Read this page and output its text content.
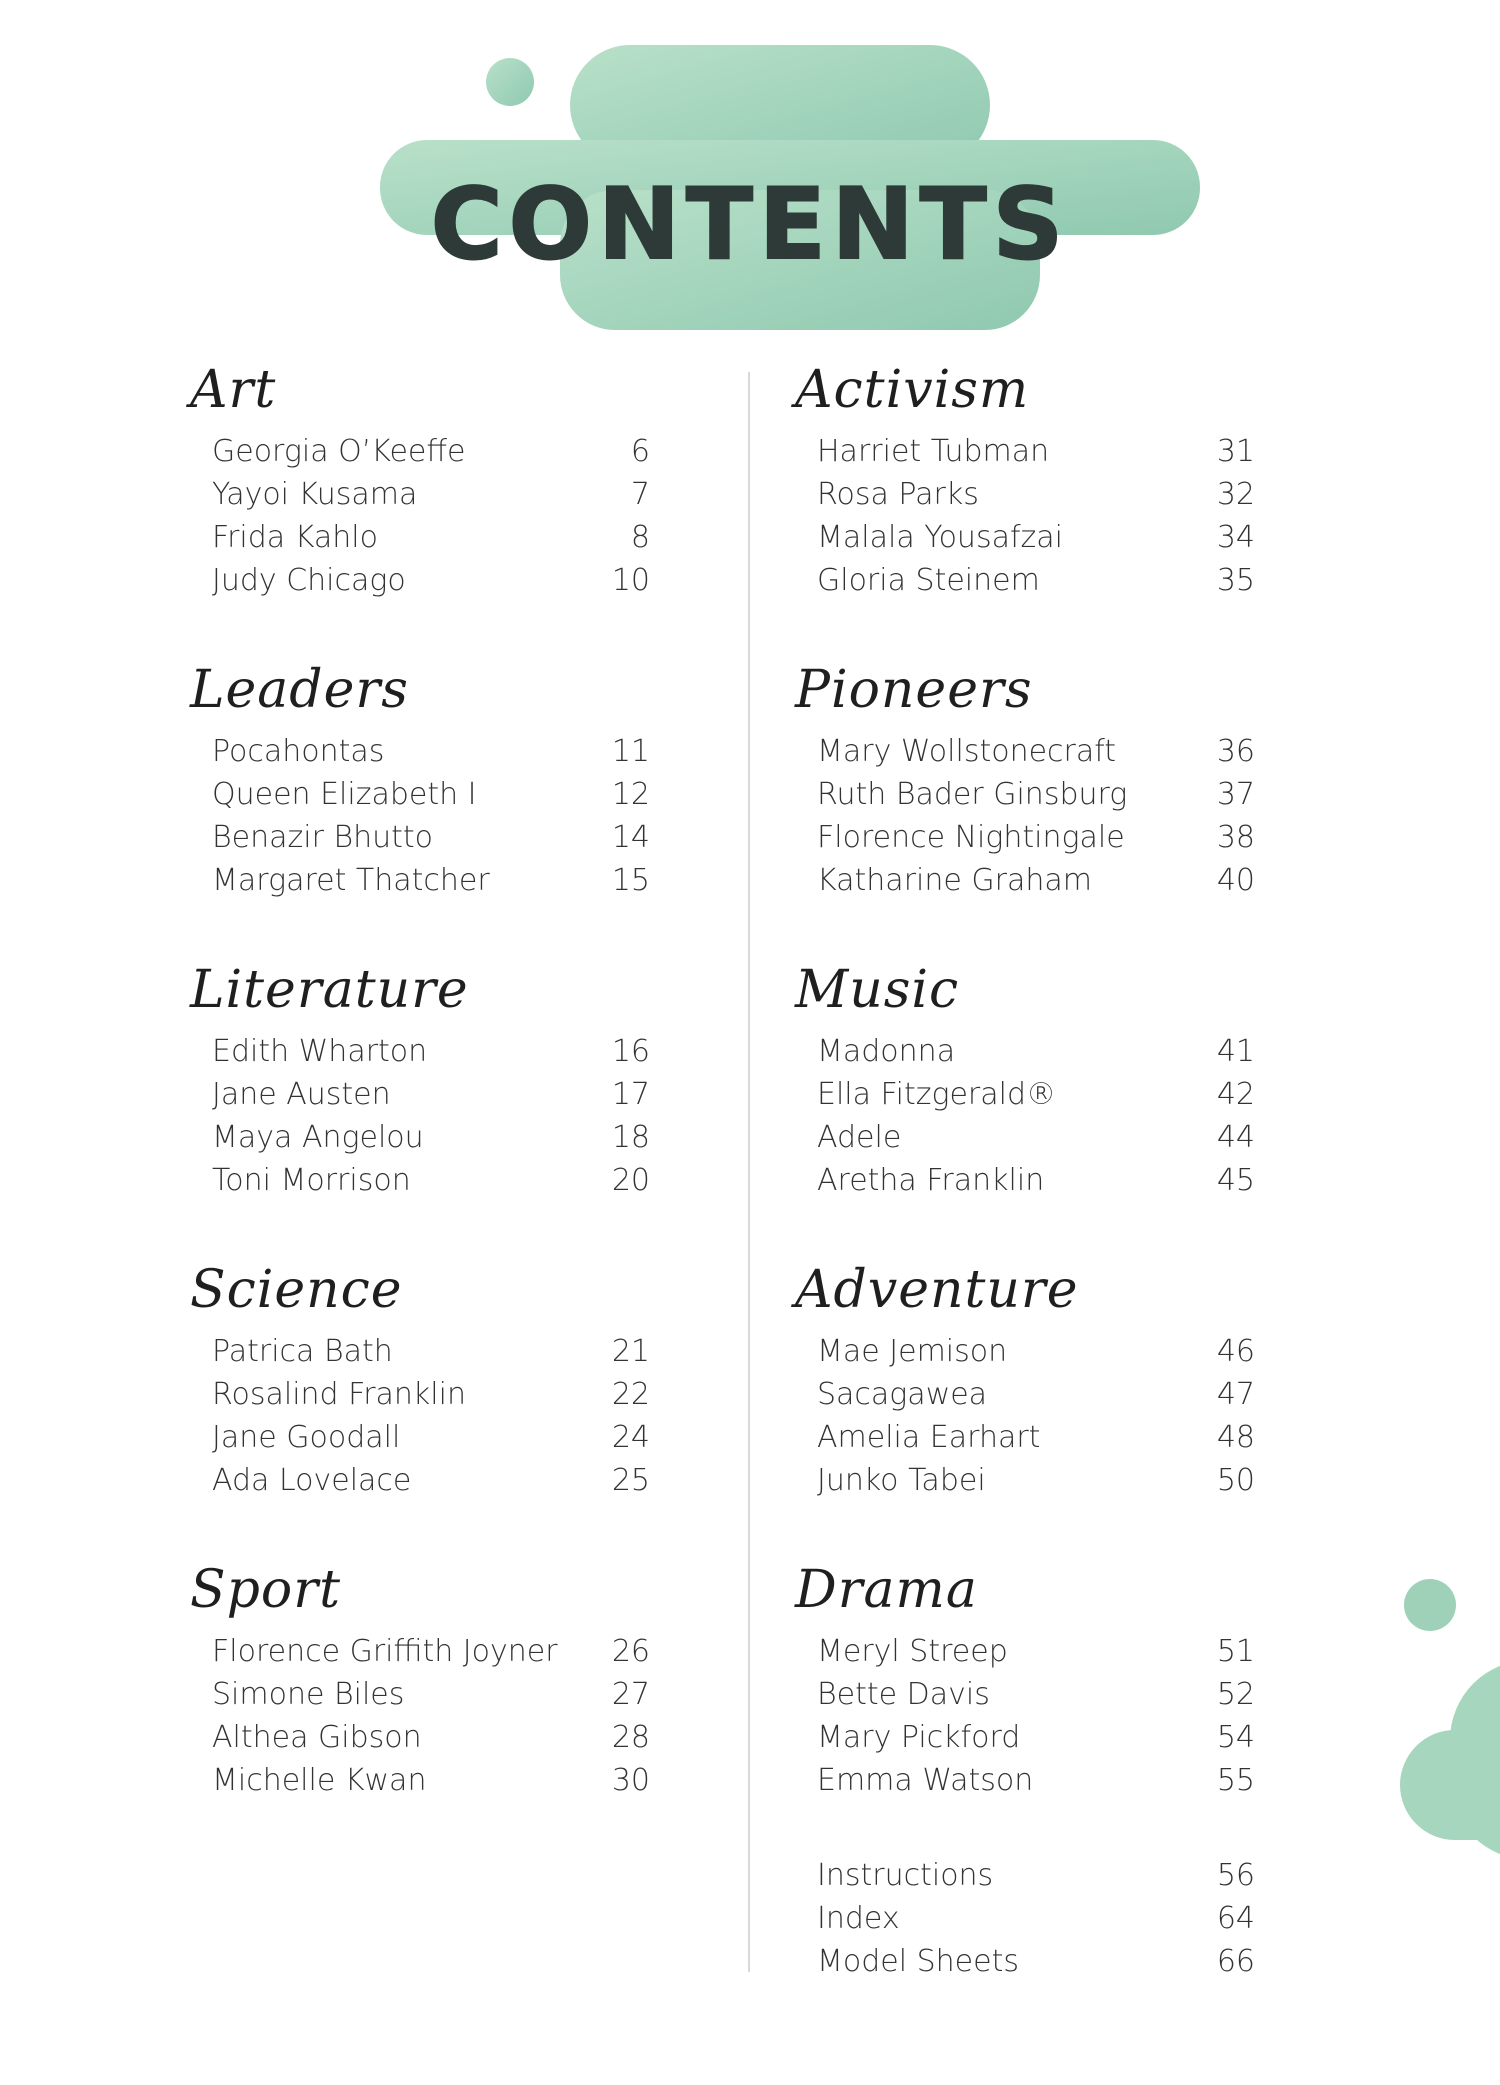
CONTENTS
Art
Georgia O’Keeffe	6
Yayoi Kusama	7
Frida Kahlo	8
Judy Chicago	10
Leaders
Pocahontas	11
Queen Elizabeth I	12
Benazir Bhutto	14
Margaret Thatcher	15
Literature
Edith Wharton	16
Jane Austen	17
Maya Angelou	18
Toni Morrison	20
Science
Patrica Bath	21
Rosalind Franklin	22
Jane Goodall	24
Ada Lovelace	25
Sport
Florence Griffith Joyner	26
Simone Biles	27
Althea Gibson	28
Michelle Kwan	30
Activism
Harriet Tubman	31
Rosa Parks	32
Malala Yousafzai	34
Gloria Steinem	35
Pioneers
Mary Wollstonecraft	36
Ruth Bader Ginsburg	37
Florence Nightingale	38
Katharine Graham	40
Music
Madonna	41
Ella Fitzgerald®	42
Adele	44
Aretha Franklin	45
Adventure
Mae Jemison	46
Sacagawea	47
Amelia Earhart	48
Junko Tabei	50
Drama
Meryl Streep	51
Bette Davis	52
Mary Pickford	54
Emma Watson	55
Instructions	56
Index	64
Model Sheets	66
